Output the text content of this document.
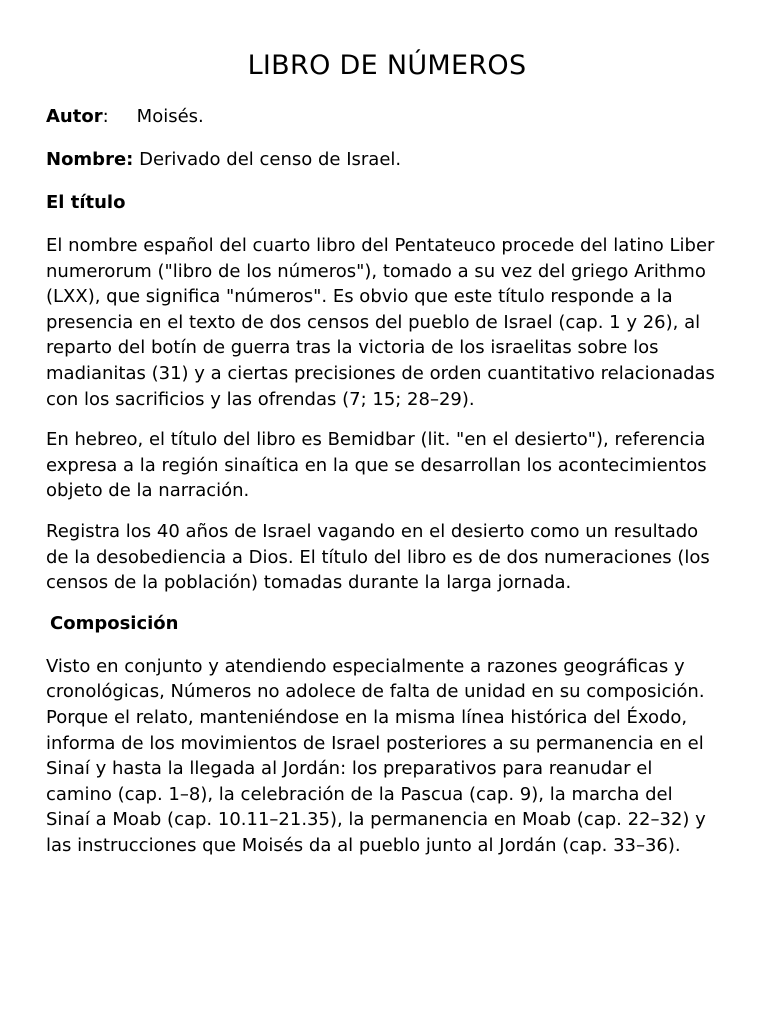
LIBRO DE NÚMEROS

Autor: Moisés.

Nombre: Derivado del censo de Israel.

El título

El nombre español del cuarto libro del Pentateuco procede del latino Liber numerorum ("libro de los números"), tomado a su vez del griego Arithmo (LXX), que significa "números". Es obvio que este título responde a la presencia en el texto de dos censos del pueblo de Israel (cap. 1 y 26), al reparto del botín de guerra tras la victoria de los israelitas sobre los madianitas (31) y a ciertas precisiones de orden cuantitativo relacionadas con los sacrificios y las ofrendas (7; 15; 28–29).

En hebreo, el título del libro es Bemidbar (lit. "en el desierto"), referencia expresa a la región sinaítica en la que se desarrollan los acontecimientos objeto de la narración.

Registra los 40 años de Israel vagando en el desierto como un resultado de la desobediencia a Dios. El título del libro es de dos numeraciones (los censos de la población) tomadas durante la larga jornada.

Composición

Visto en conjunto y atendiendo especialmente a razones geográficas y cronológicas, Números no adolece de falta de unidad en su composición. Porque el relato, manteniéndose en la misma línea histórica del Éxodo, informa de los movimientos de Israel posteriores a su permanencia en el Sinaí y hasta la llegada al Jordán: los preparativos para reanudar el camino (cap. 1–8), la celebración de la Pascua (cap. 9), la marcha del Sinaí a Moab (cap. 10.11–21.35), la permanencia en Moab (cap. 22–32) y las instrucciones que Moisés da al pueblo junto al Jordán (cap. 33–36).
